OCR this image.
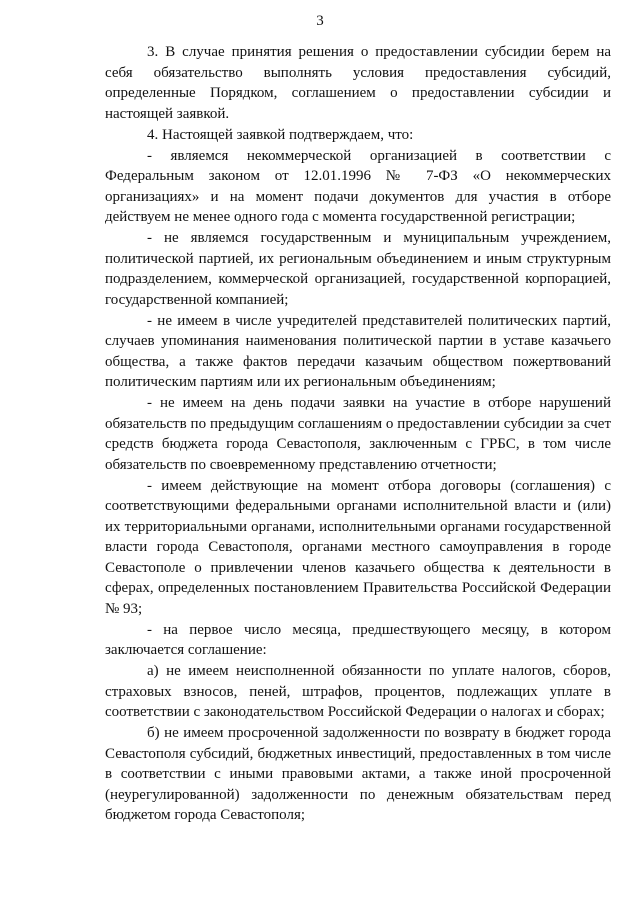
3

3. В случае принятия решения о предоставлении субсидии берем на себя обязательство выполнять условия предоставления субсидий, определенные Порядком, соглашением о предоставлении субсидии и настоящей заявкой.

4. Настоящей заявкой подтверждаем, что:

- являемся некоммерческой организацией в соответствии с Федеральным законом от 12.01.1996 № 7-ФЗ «О некоммерческих организациях» и на момент подачи документов для участия в отборе действуем не менее одного года с момента государственной регистрации;

- не являемся государственным и муниципальным учреждением, политической партией, их региональным объединением и иным структурным подразделением, коммерческой организацией, государственной корпорацией, государственной компанией;

- не имеем в числе учредителей представителей политических партий, случаев упоминания наименования политической партии в уставе казачьего общества, а также фактов передачи казачьим обществом пожертвований политическим партиям или их региональным объединениям;

- не имеем на день подачи заявки на участие в отборе нарушений обязательств по предыдущим соглашениям о предоставлении субсидии за счет средств бюджета города Севастополя, заключенным с ГРБС, в том числе обязательств по своевременному представлению отчетности;

- имеем действующие на момент отбора договоры (соглашения) с соответствующими федеральными органами исполнительной власти и (или) их территориальными органами, исполнительными органами государственной власти города Севастополя, органами местного самоуправления в городе Севастополе о привлечении членов казачьего общества к деятельности в сферах, определенных постановлением Правительства Российской Федерации № 93;

- на первое число месяца, предшествующего месяцу, в котором заключается соглашение:

а) не имеем неисполненной обязанности по уплате налогов, сборов, страховых взносов, пеней, штрафов, процентов, подлежащих уплате в соответствии с законодательством Российской Федерации о налогах и сборах;

б) не имеем просроченной задолженности по возврату в бюджет города Севастополя субсидий, бюджетных инвестиций, предоставленных в том числе в соответствии с иными правовыми актами, а также иной просроченной (неурегулированной) задолженности по денежным обязательствам перед бюджетом города Севастополя;
